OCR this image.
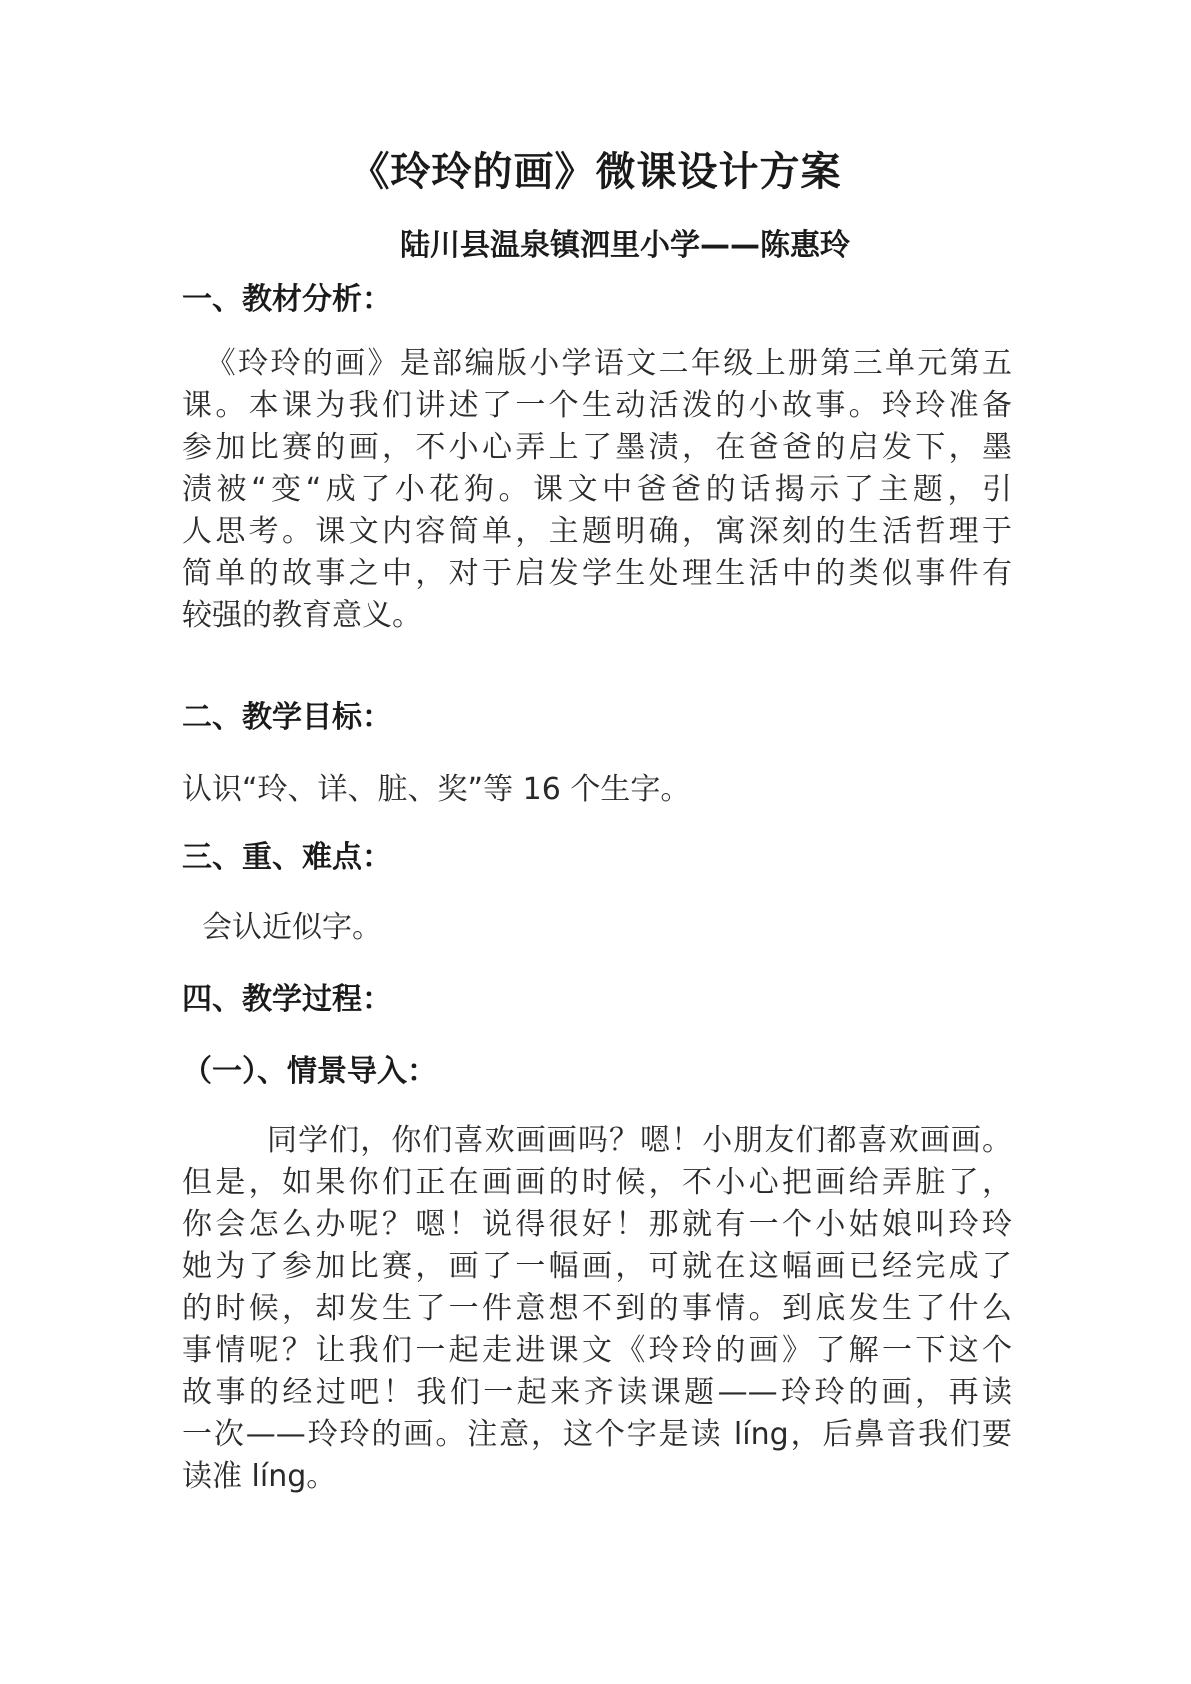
《玲玲的画》微课设计方案

陆川县温泉镇泗里小学——陈惠玲

一、教材分析：

《玲玲的画》是部编版小学语文二年级上册第三单元第五
课。本课为我们讲述了一个生动活泼的小故事。玲玲准备
参加比赛的画，不小心弄上了墨渍，在爸爸的启发下，墨
渍被“变“成了小花狗。课文中爸爸的话揭示了主题，引
人思考。课文内容简单，主题明确，寓深刻的生活哲理于
简单的故事之中，对于启发学生处理生活中的类似事件有
较强的教育意义。

二、教学目标：

认识“玲、详、脏、奖”等 16 个生字。

三、重、难点：

会认近似字。

四、教学过程：

（一）、情景导入：

同学们，你们喜欢画画吗？嗯！小朋友们都喜欢画画。
但是，如果你们正在画画的时候，不小心把画给弄脏了，
你会怎么办呢？嗯！说得很好！那就有一个小姑娘叫玲玲
她为了参加比赛，画了一幅画，可就在这幅画已经完成了
的时候，却发生了一件意想不到的事情。到底发生了什么
事情呢？让我们一起走进课文《玲玲的画》了解一下这个
故事的经过吧！我们一起来齐读课题——玲玲的画，再读
一次——玲玲的画。注意，这个字是读 líng，后鼻音我们要
读准 líng。
